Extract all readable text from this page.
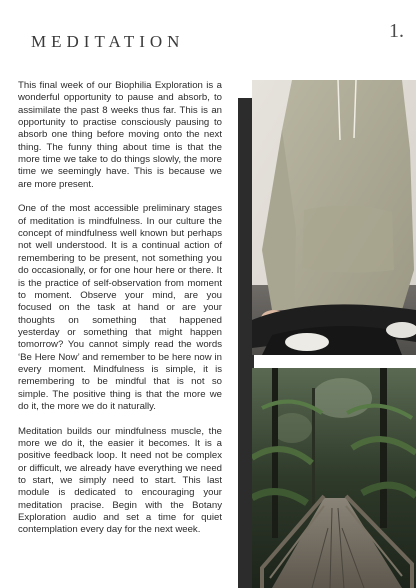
MEDITATION	1.

This final week of our Biophilia Exploration is a wonderful opportunity to pause and absorb, to assimilate the past 8 weeks thus far. This is an opportunity to practise consciously pausing to absorb one thing before moving onto the next thing. The funny thing about time is that the more time we take to do things slowly, the more time we seemingly have. This is because we are more present.

One of the most accessible preliminary stages of meditation is mindfulness. In our culture the concept of mindfulness well known but perhaps not well understood. It is a continual action of remembering to be present, not something you do occasionally, or for one hour here or there. It is the practice of self-observation from moment to moment. Observe your mind, are you focused on the task at hand or are your thoughts on something that happened yesterday or something that might happen tomorrow? You cannot simply read the words ‘Be Here Now’ and remember to be here now in every moment. Mindfulness is simple, it is remembering to be mindful that is not so simple. The positive thing is that the more we do it, the more we do it naturally.

Meditation builds our mindfulness muscle, the more we do it, the easier it becomes. It is a positive feedback loop. It need not be complex or difficult, we already have everything we need to start, we simply need to start. This last module is dedicated to encouraging your meditation pracise. Begin with the Botany Exploration audio and set a time for quiet contemplation every day for the next week.
